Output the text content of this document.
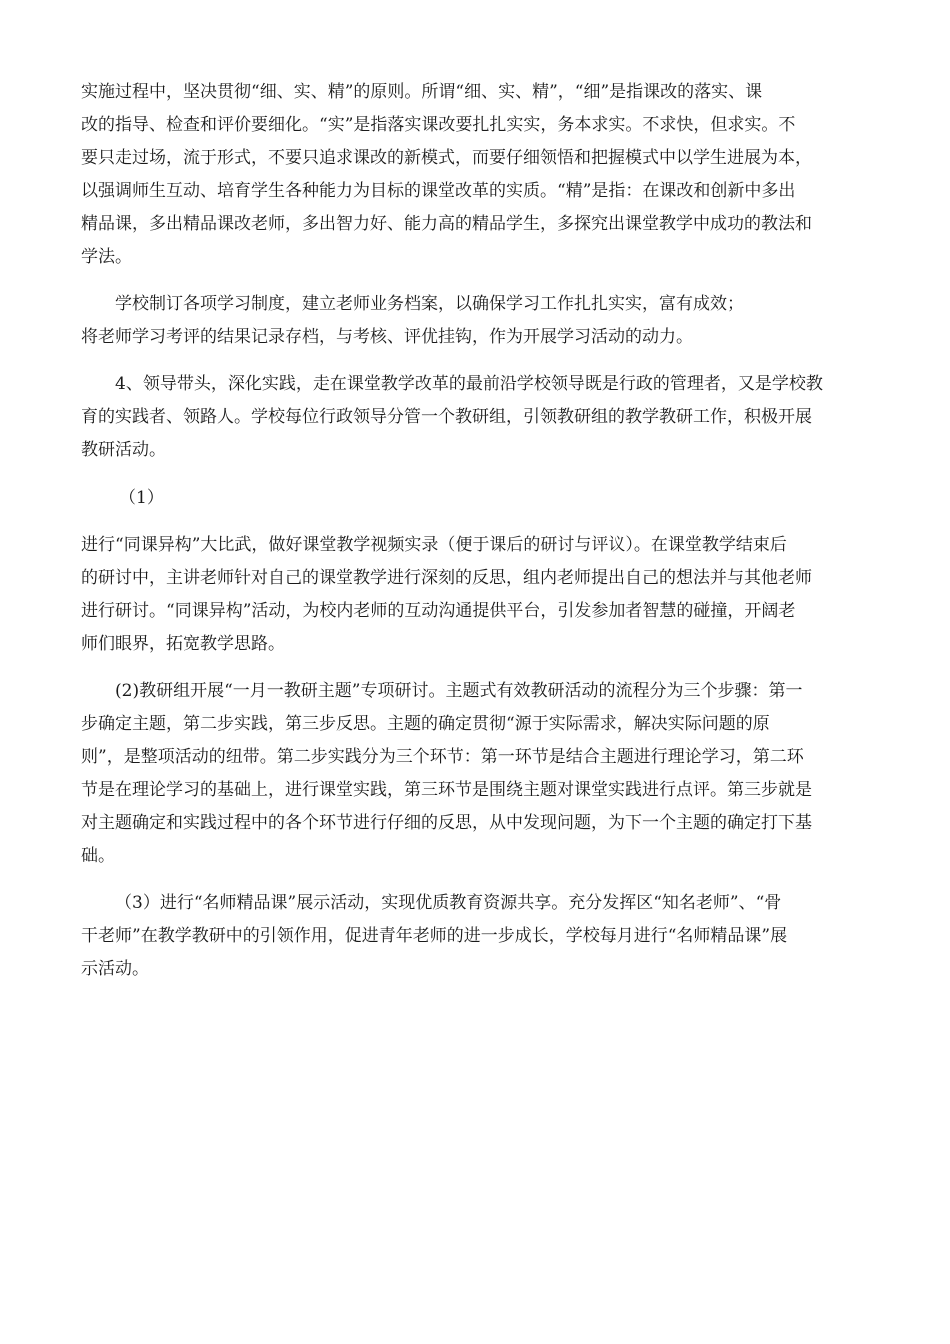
实施过程中，坚决贯彻“细、实、精”的原则。所谓“细、实、精”，“细”是指课改的落实、课
改的指导、检查和评价要细化。“实”是指落实课改要扎扎实实，务本求实。不求快，但求实。不
要只走过场，流于形式，不要只追求课改的新模式，而要仔细领悟和把握模式中以学生进展为本，
以强调师生互动、培育学生各种能力为目标的课堂改革的实质。“精”是指：在课改和创新中多出
精品课，多出精品课改老师，多出智力好、能力高的精品学生，多探究出课堂教学中成功的教法和
学法。
学校制订各项学习制度，建立老师业务档案，以确保学习工作扎扎实实，富有成效；
将老师学习考评的结果记录存档，与考核、评优挂钩，作为开展学习活动的动力。
4、领导带头，深化实践，走在课堂教学改革的最前沿学校领导既是行政的管理者，又是学校教
育的实践者、领路人。学校每位行政领导分管一个教研组，引领教研组的教学教研工作，积极开展
教研活动。
（1）
进行“同课异构”大比武，做好课堂教学视频实录（便于课后的研讨与评议）。在课堂教学结束后
的研讨中，主讲老师针对自己的课堂教学进行深刻的反思，组内老师提出自己的想法并与其他老师
进行研讨。“同课异构”活动，为校内老师的互动沟通提供平台，引发参加者智慧的碰撞，开阔老
师们眼界，拓宽教学思路。
(2)教研组开展“一月一教研主题”专项研讨。主题式有效教研活动的流程分为三个步骤：第一
步确定主题，第二步实践，第三步反思。主题的确定贯彻“源于实际需求，解决实际问题的原
则”，是整项活动的纽带。第二步实践分为三个环节：第一环节是结合主题进行理论学习，第二环
节是在理论学习的基础上，进行课堂实践，第三环节是围绕主题对课堂实践进行点评。第三步就是
对主题确定和实践过程中的各个环节进行仔细的反思，从中发现问题，为下一个主题的确定打下基
础。
（3）进行“名师精品课”展示活动，实现优质教育资源共享。充分发挥区“知名老师”、“骨
干老师”在教学教研中的引领作用，促进青年老师的进一步成长，学校每月进行“名师精品课”展
示活动。
